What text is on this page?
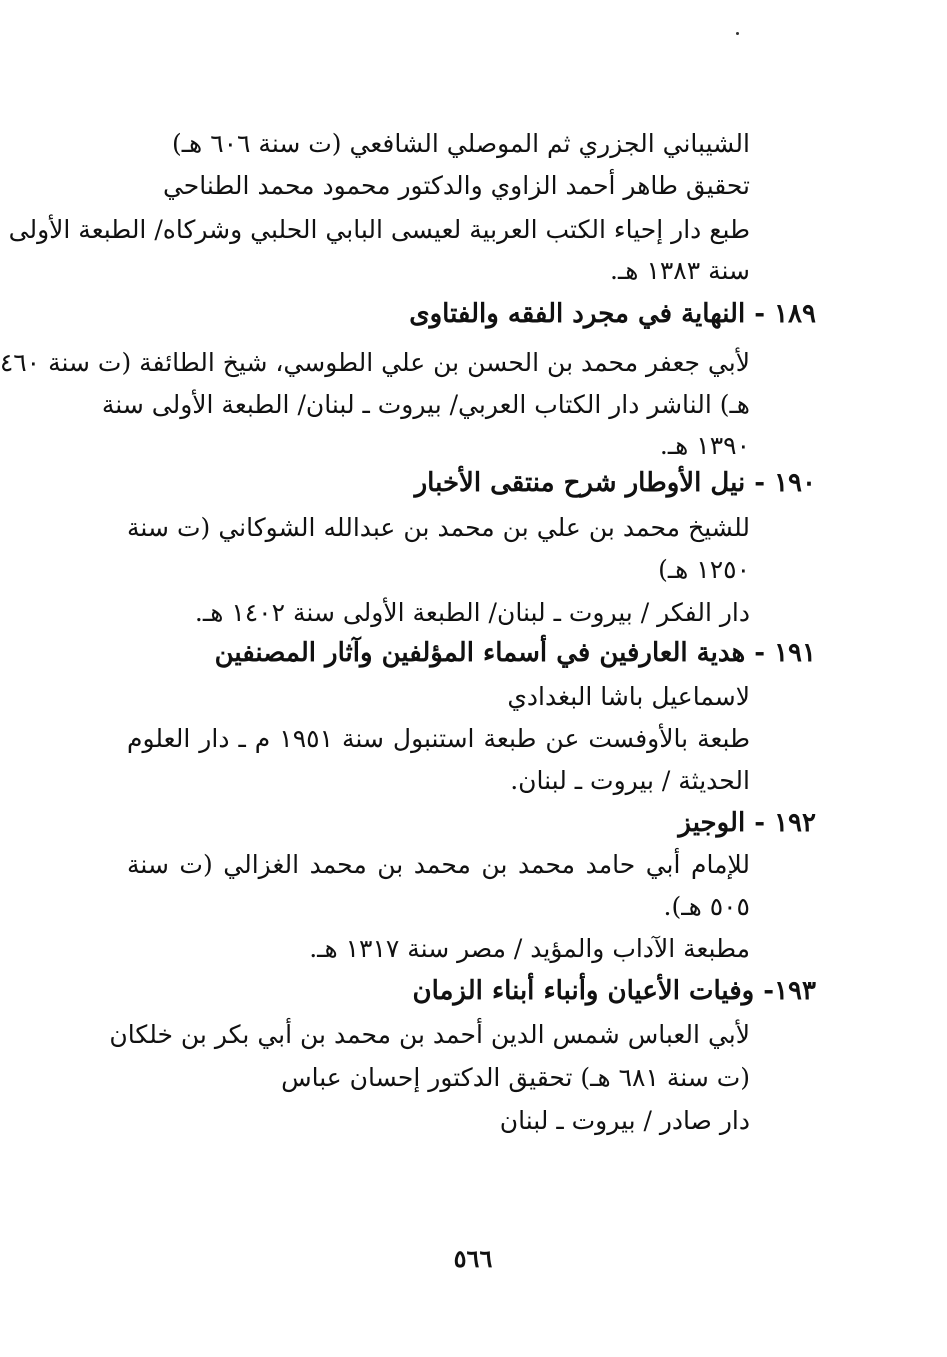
الشيباني الجزري ثم الموصلي الشافعي (ت سنة ٦٠٦ هـ)
تحقيق طاهر أحمد الزاوي والدكتور محمود محمد الطناحي
طبع دار إحياء الكتب العربية لعيسى البابي الحلبي وشركاه/ الطبعة الأولى
سنة ١٣٨٣ هـ.
١٨٩ - النهاية في مجرد الفقه والفتاوى
لأبي جعفر محمد بن الحسن بن علي الطوسي، شيخ الطائفة (ت سنة ٤٦٠
هـ) الناشر دار الكتاب العربي/ بيروت ـ لبنان/ الطبعة الأولى سنة
١٣٩٠ هـ.
١٩٠ - نيل الأوطار شرح منتقى الأخبار
للشيخ محمد بن علي بن محمد بن عبدالله الشوكاني (ت سنة
١٢٥٠ هـ)
دار الفكر / بيروت ـ لبنان/ الطبعة الأولى سنة ١٤٠٢ هـ.
١٩١ - هدية العارفين في أسماء المؤلفين وآثار المصنفين
لاسماعيل باشا البغدادي
طبعة بالأوفست عن طبعة استنبول سنة ١٩٥١ م ـ دار العلوم
الحديثة / بيروت ـ لبنان.
١٩٢ - الوجيز
للإمام أبي حامد محمد بن محمد بن محمد الغزالي (ت سنة
٥٠٥ هـ).
مطبعة الآداب والمؤيد / مصر سنة ١٣١٧ هـ.
١٩٣- وفيات الأعيان وأنباء أبناء الزمان
لأبي العباس شمس الدين أحمد بن محمد بن أبي بكر بن خلكان
(ت سنة ٦٨١ هـ) تحقيق الدكتور إحسان عباس
دار صادر / بيروت ـ لبنان
٥٦٦
